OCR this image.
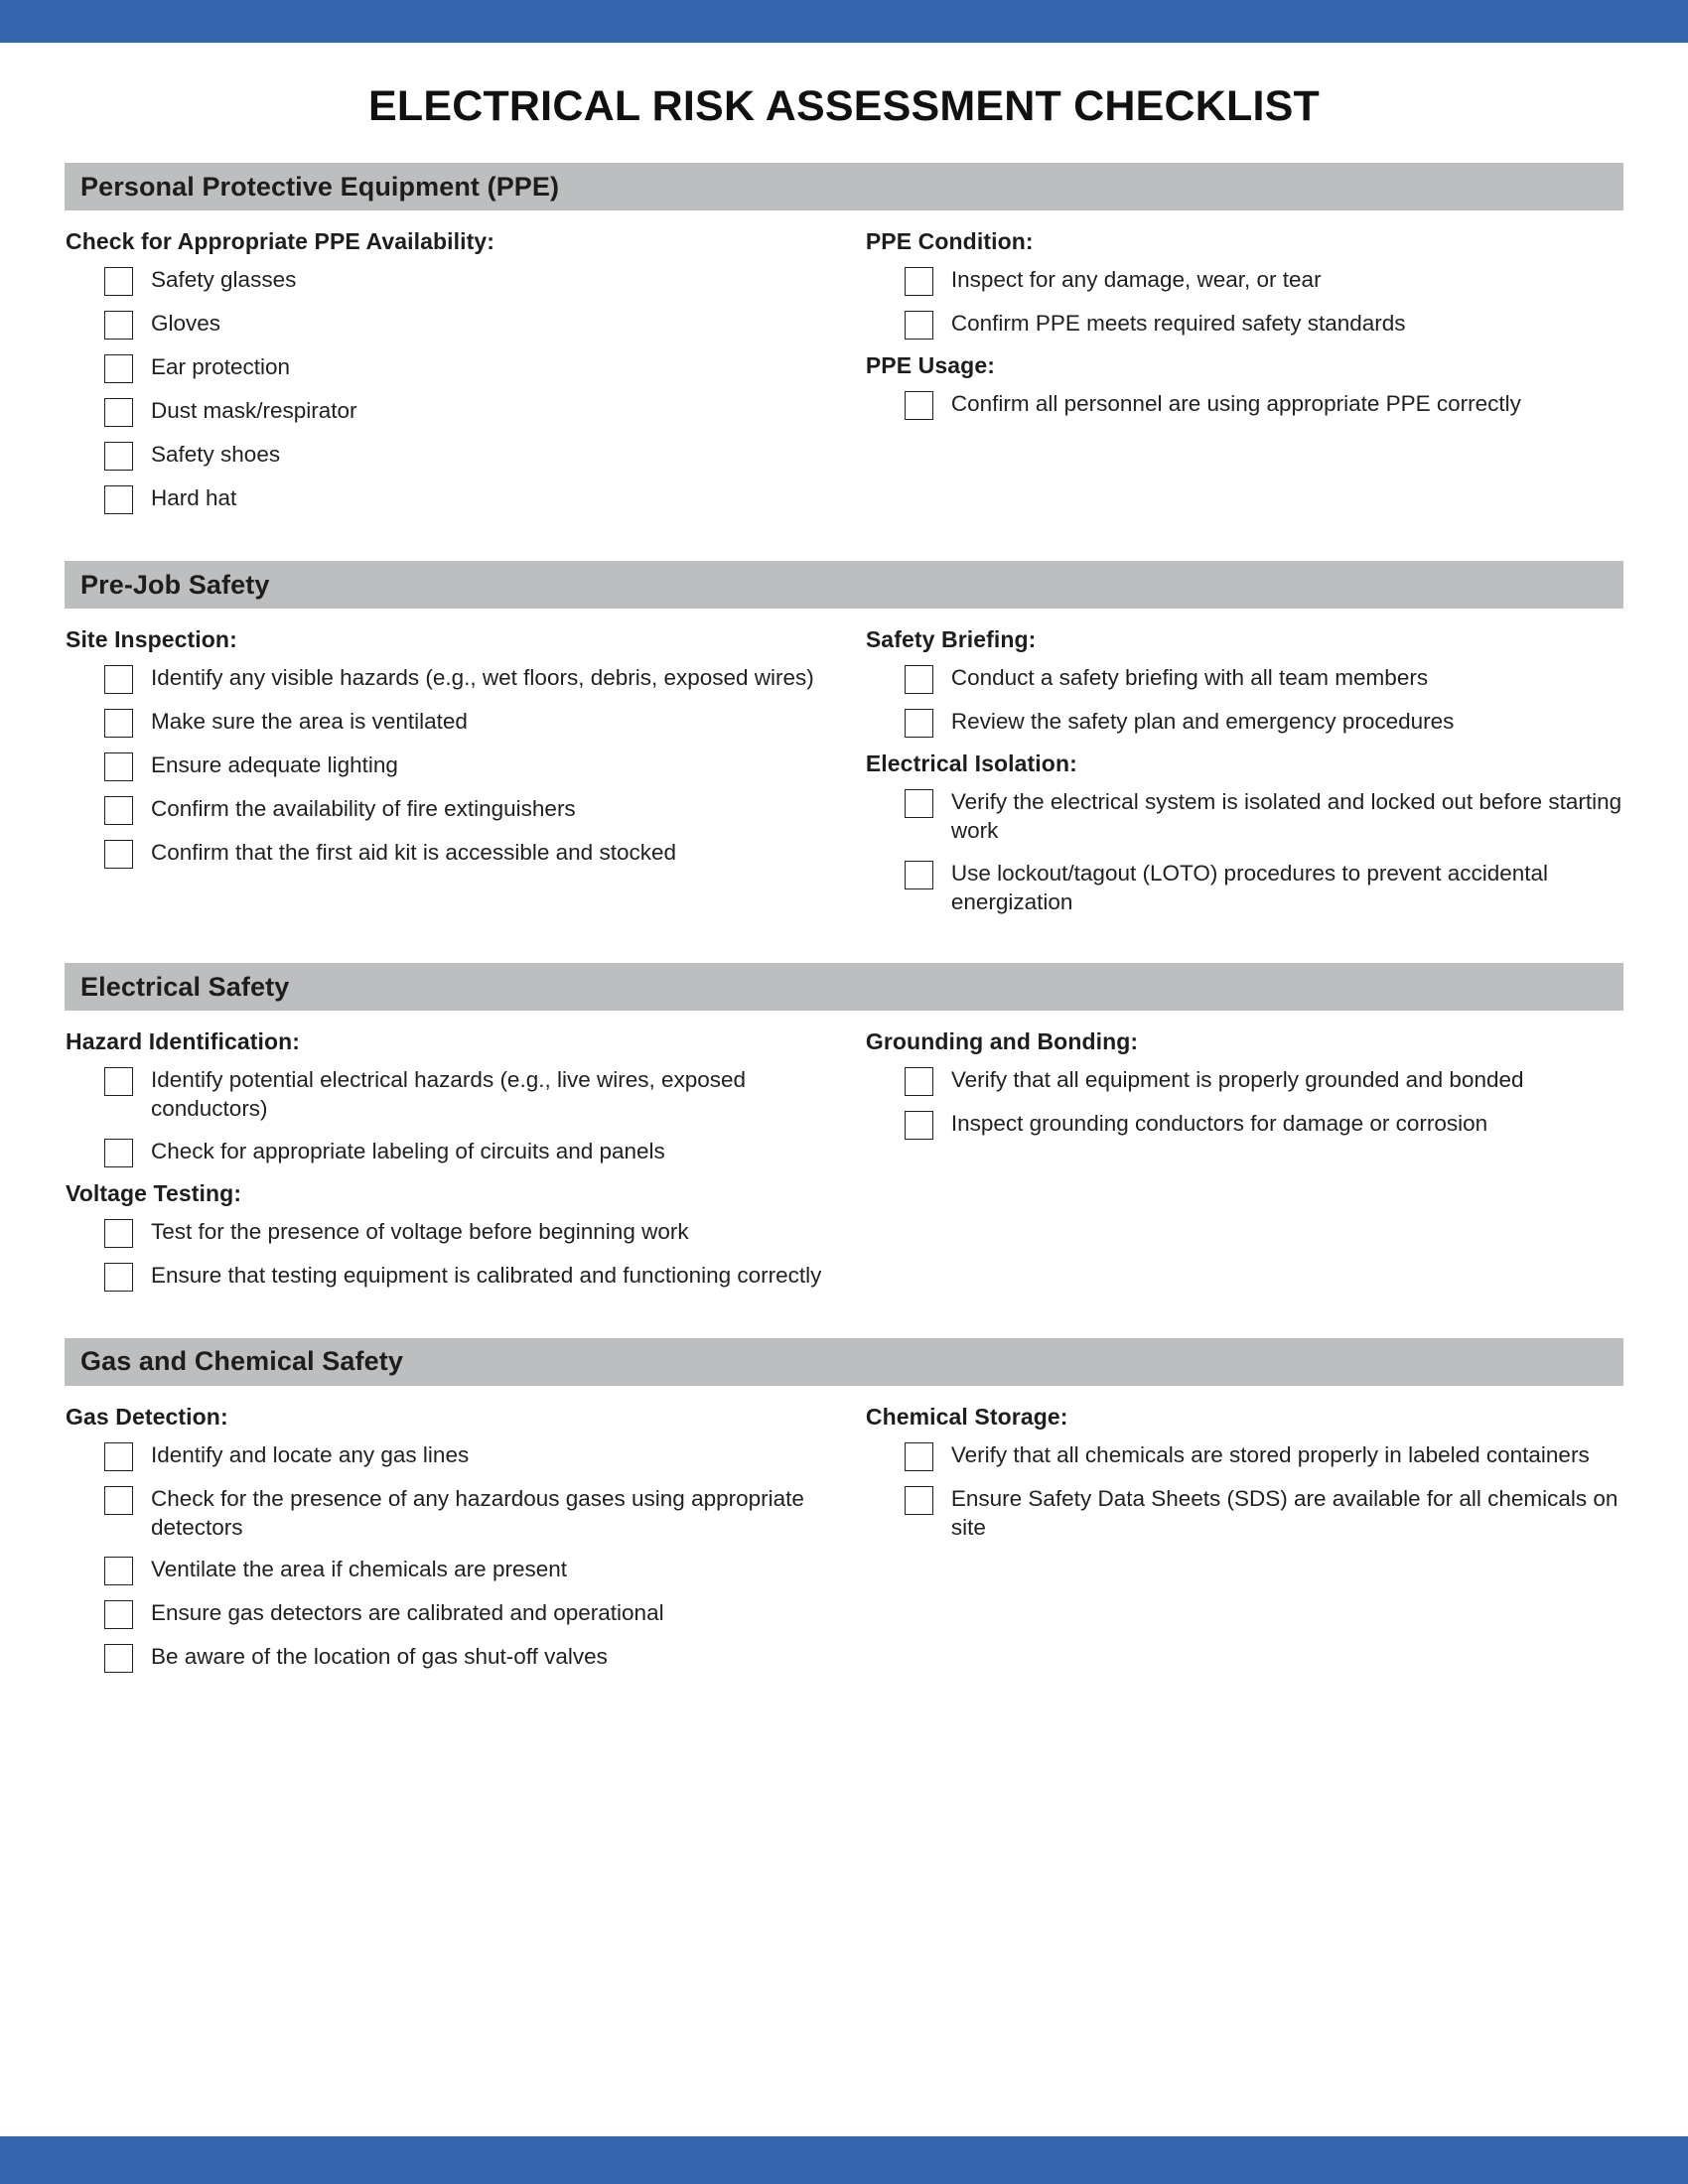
ELECTRICAL RISK ASSESSMENT CHECKLIST
Personal Protective Equipment (PPE)
Check for Appropriate PPE Availability:
Safety glasses
Gloves
Ear protection
Dust mask/respirator
Safety shoes
Hard hat
PPE Condition:
Inspect for any damage, wear, or tear
Confirm PPE meets required safety standards
PPE Usage:
Confirm all personnel are using appropriate PPE correctly
Pre-Job Safety
Site Inspection:
Identify any visible hazards (e.g., wet floors, debris, exposed wires)
Make sure the area is ventilated
Ensure adequate lighting
Confirm the availability of fire extinguishers
Confirm that the first aid kit is accessible and stocked
Safety Briefing:
Conduct a safety briefing with all team members
Review the safety plan and emergency procedures
Electrical Isolation:
Verify the electrical system is isolated and locked out before starting work
Use lockout/tagout (LOTO) procedures to prevent accidental energization
Electrical Safety
Hazard Identification:
Identify potential electrical hazards (e.g., live wires, exposed conductors)
Check for appropriate labeling of circuits and panels
Voltage Testing:
Test for the presence of voltage before beginning work
Ensure that testing equipment is calibrated and functioning correctly
Grounding and Bonding:
Verify that all equipment is properly grounded and bonded
Inspect grounding conductors for damage or corrosion
Gas and Chemical Safety
Gas Detection:
Identify and locate any gas lines
Check for the presence of any hazardous gases using appropriate detectors
Ventilate the area if chemicals are present
Ensure gas detectors are calibrated and operational
Be aware of the location of gas shut-off valves
Chemical Storage:
Verify that all chemicals are stored properly in labeled containers
Ensure Safety Data Sheets (SDS) are available for all chemicals on site
